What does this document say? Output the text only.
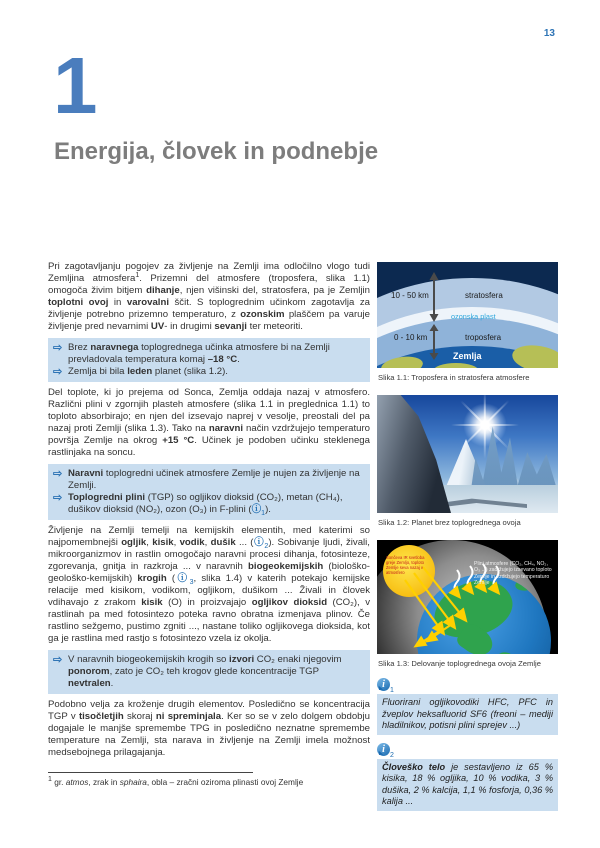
13
1
Energija, človek in podnebje

Pri zagotavljanju pogojev za življenje na Zemlji ima odločilno vlogo tudi Zemljina atmosfera$^1$. Prizemni del atmosfere (troposfera, slika 1.1) omogoča živim bitjem dihanje, njen višinski del, stratosfera, pa je Zemljin toplotni ovoj in varovalni ščit. S toplogrednim učinkom zagotavlja za življenje potrebno prizemno temperaturo, z ozonskim plaščem pa varuje življenje pred nevarnimi UV- in drugimi sevanji ter meteoriti.

⇨ Brez naravnega toplogrednega učinka atmosfere bi na Zemlji prevladovala temperatura komaj –18 °C.
⇨ Zemlja bi bila leden planet (slika 1.2).

Del toplote, ki jo prejema od Sonca, Zemlja oddaja nazaj v atmosfero. Različni plini v zgornjih plasteh atmosfere (slika 1.1 in preglednica 1.1) to toploto absorbirajo; en njen del izsevajo naprej v vesolje, preostali del pa nazaj proti Zemlji (slika 1.3). Tako na naravni način vzdržujejo temperaturo površja Zemlje na okrog +15 °C. Učinek je podoben učinku steklenega rastlinjaka na soncu.

⇨ Naravni toplogredni učinek atmosfere Zemlje je nujen za življenje na Zemlji.
⇨ Toplogredni plini (TGP) so ogljikov dioksid (CO₂), metan (CH₄), dušikov dioksid (NO₂), ozon (O₃) in F-plini $(ⓘ_1)$.

Življenje na Zemlji temelji na kemijskih elementih, med katerimi so najpomembnejši ogljik, kisik, vodik, dušik ... $(ⓘ_2)$. Sobivanje ljudi, živali, mikroorganizmov in rastlin omogočajo naravni procesi dihanja, fotosinteze, zgorevanja, gnitja in razkroja ... v naravnih biogeokemijskih (biološko-geološko-kemijskih) krogih ($ⓘ_3$, slika 1.4) v katerih potekajo kemijske relacije med kisikom, vodikom, ogljikom, dušikom ... Živali in človek vdihavajo z zrakom kisik (O) in proizvajajo ogljikov dioksid (CO₂), v rastlinah pa med fotosintezo poteka ravno obratna izmenjava plinov. Če rastlino sežgemo, pustimo zgniti ..., nastane toliko ogljikovega dioksida, kot ga je rastlina med rastjo s fotosintezo vzela iz okolja.

⇨ V naravnih biogeokemijskih krogih so izvori CO₂ enaki njegovim ponorom, zato je CO₂ teh krogov glede koncentracije TGP nevtralen.

Podobno velja za kroženje drugih elementov. Posledično se koncentracija TGP v tisočletjih skoraj ni spreminjala. Ker so se v zelo dolgem obdobju dogajale le manjše spremembe TPG in posledično neznatne spremembe temperature na Zemlji, sta narava in življenje na Zemlji imela možnost medsebojnega prilagajanja.

$^1$ gr. atmos, zrak in sphaira, obla – zračni oziroma plinasti ovoj Zemlje
10 - 50 km	stratosfera
ozonska plast
0 - 10 km	troposfera
Zemlja
Slika 1.1: Troposfera in stratosfera atmosfere
Slika 1.2: Planet brez toplogrednega ovoja
Sončeva IR svetloba greje Zemljo, toploto Zemlje seva nazaj v atmosfero
Plini atmosfere (CO₂, CH₄, NO₂, O₃ ...) zadržujejo izsevano toploto Zemlje in vzdržujejo temperaturo Zemlje
Slika 1.3: Delovanje toplogrednega ovoja Zemlje
i1
Fluorirani ogljikovodiki HFC, PFC in žveplov heksafluorid SF6 (freoni – mediji hladilnikov, potisni plini sprejev ...)
i2
Človeško telo je sestavljeno iz 65 % kisika, 18 % ogljika, 10 % vodika, 3 % dušika, 2 % kalcija, 1,1 % fosforja, 0,36 % kalija ...
